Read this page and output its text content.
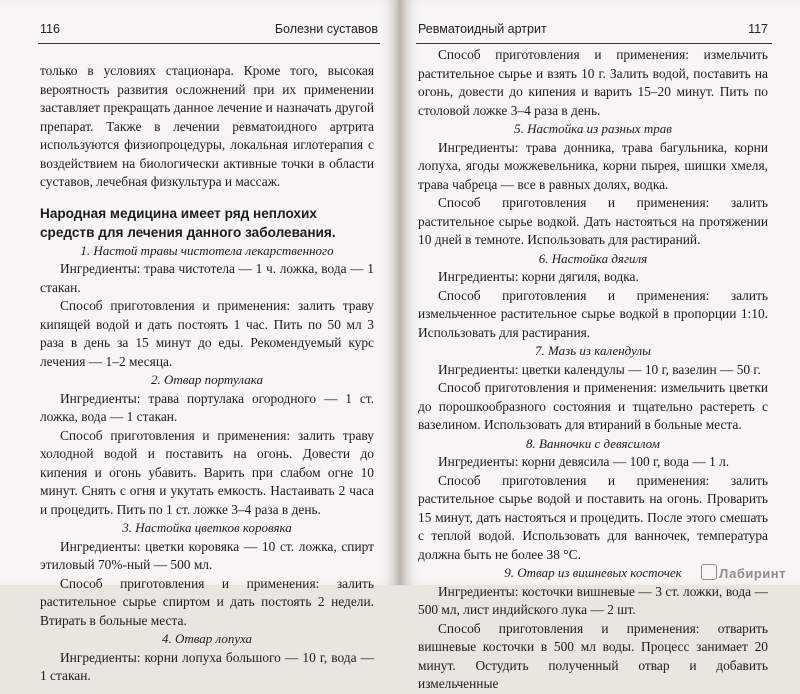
116	Болезни суставов

только в условиях стационара. Кроме того, высокая вероятность развития осложнений при их применении заставляет прекращать данное лечение и назначать другой препарат. Также в лечении ревматоидного артрита используются физиопроцедуры, локальная иглотерапия с воздействием на биологически активные точки в области суставов, лечебная физкультура и массаж.

Народная медицина имеет ряд неплохих средств для лечения данного заболевания.

1. Настой травы чистотела лекарственного

Ингредиенты: трава чистотела — 1 ч. ложка, вода — 1 стакан.

Способ приготовления и применения: залить траву кипящей водой и дать постоять 1 час. Пить по 50 мл 3 раза в день за 15 минут до еды. Рекомендуемый курс лечения — 1–2 месяца.

2. Отвар портулака

Ингредиенты: трава портулака огородного — 1 ст. ложка, вода — 1 стакан.

Способ приготовления и применения: залить траву холодной водой и поставить на огонь. Довести до кипения и огонь убавить. Варить при слабом огне 10 минут. Снять с огня и укутать емкость. Настаивать 2 часа и процедить. Пить по 1 ст. ложке 3–4 раза в день.

3. Настойка цветков коровяка

Ингредиенты: цветки коровяка — 10 ст. ложка, спирт этиловый 70%-ный — 500 мл.

Способ приготовления и применения: залить растительное сырье спиртом и дать постоять 2 недели. Втирать в больные места.

4. Отвар лопуха

Ингредиенты: корни лопуха большого — 10 г, вода — 1 стакан.

Ревматоидный артрит	117

Способ приготовления и применения: измельчить растительное сырье и взять 10 г. Залить водой, поставить на огонь, довести до кипения и варить 15–20 минут. Пить по столовой ложке 3–4 раза в день.

5. Настойка из разных трав

Ингредиенты: трава донника, трава багульника, корни лопуха, ягоды можжевельника, корни пырея, шишки хмеля, трава чабреца — все в равных долях, водка.

Способ приготовления и применения: залить растительное сырье водкой. Дать настояться на протяжении 10 дней в темноте. Использовать для растираний.

6. Настойка дягиля

Ингредиенты: корни дягиля, водка.

Способ приготовления и применения: залить измельченное растительное сырье водкой в пропорции 1:10. Использовать для растирания.

7. Мазь из календулы

Ингредиенты: цветки календулы — 10 г, вазелин — 50 г.

Способ приготовления и применения: измельчить цветки до порошкообразного состояния и тщательно растереть с вазелином. Использовать для втираний в больные места.

8. Ванночки с девясилом

Ингредиенты: корни девясила — 100 г, вода — 1 л.

Способ приготовления и применения: залить растительное сырье водой и поставить на огонь. Проварить 15 минут, дать настояться и процедить. После этого смешать с теплой водой. Использовать для ванночек, температура должна быть не более 38 °С.

9. Отвар из вишневых косточек

Ингредиенты: косточки вишневые — 3 ст. ложки, вода — 500 мл, лист индийского лука — 2 шт.

Способ приготовления и применения: отварить вишневые косточки в 500 мл воды. Процесс занимает 20 минут. Остудить полученный отвар и добавить измельченные

Лабиринт
